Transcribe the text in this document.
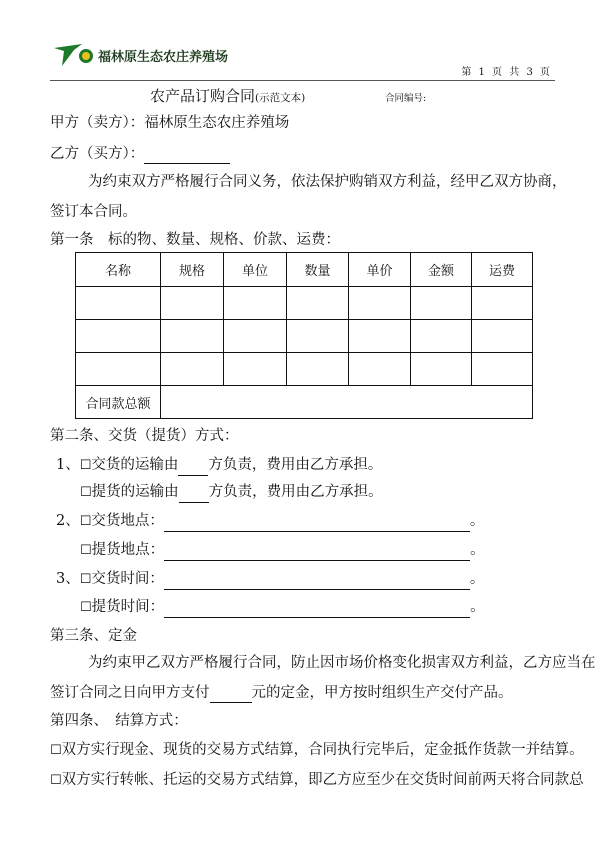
福林原生态农庄养殖场
第 1 页 共 3 页
农产品订购合同(示范文本)	合同编号:
甲方（卖方）：福林原生态农庄养殖场
乙方（买方）：
为约束双方严格履行合同义务，依法保护购销双方利益，经甲乙双方协商，
签订本合同。
第一条　标的物、数量、规格、价款、运费：
名称	规格	单位	数量	单价	金额	运费

合同款总额						
第二条、交货（提货）方式：
1、☐交货的运输由 方负责，费用由乙方承担。
☐提货的运输由 方负责，费用由乙方承担。
2、☐交货地点：	。
☐提货地点：	。
3、☐交货时间：	。
☐提货时间：	。
第三条、定金
为约束甲乙双方严格履行合同，防止因市场价格变化损害双方利益，乙方应当在
签订合同之日向甲方支付	元的定金，甲方按时组织生产交付产品。
第四条、　结算方式：
☐双方实行现金、现货的交易方式结算，合同执行完毕后，定金抵作货款一并结算。
☐双方实行转帐、托运的交易方式结算，即乙方应至少在交货时间前两天将合同款总
